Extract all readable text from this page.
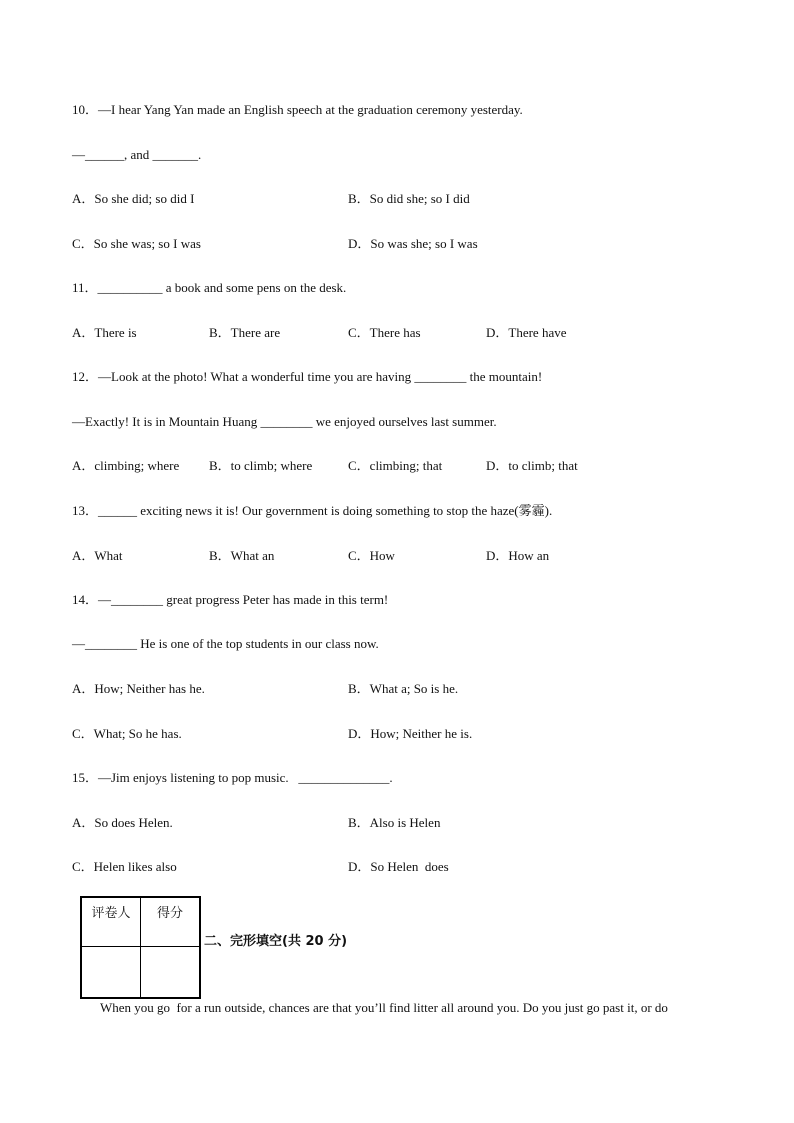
10．—I hear Yang Yan made an English speech at the graduation ceremony yesterday.
—______, and _______.
A．So she did; so did I	B．So did she; so I did
C．So she was; so I was	D．So was she; so I was
11．__________ a book and some pens on the desk.
A．There is	B．There are	C．There has	D．There have
12．—Look at the photo! What a wonderful time you are having ________ the mountain!
—Exactly! It is in Mountain Huang ________ we enjoyed ourselves last summer.
A．climbing; where B．to climb; where	C．climbing; that	D．to climb; that
13．______ exciting news it is! Our government is doing something to stop the haze(雾霾).
A．What	B．What an	C．How	D．How an
14．—________ great progress Peter has made in this term!
—________ He is one of the top students in our class now.
A．How; Neither has he.	B．What a; So is he.
C．What; So he has.	D．How; Neither he is.
15．—Jim enjoys listening to pop music.   ______________.
A．So does Helen.	B．Also is Helen
C．Helen likes also	D．So Helen  does
评卷人	得分

二、完形填空(共 20 分)
When you go  for a run outside, chances are that you’ll find litter all around you. Do you just go past it, or do
